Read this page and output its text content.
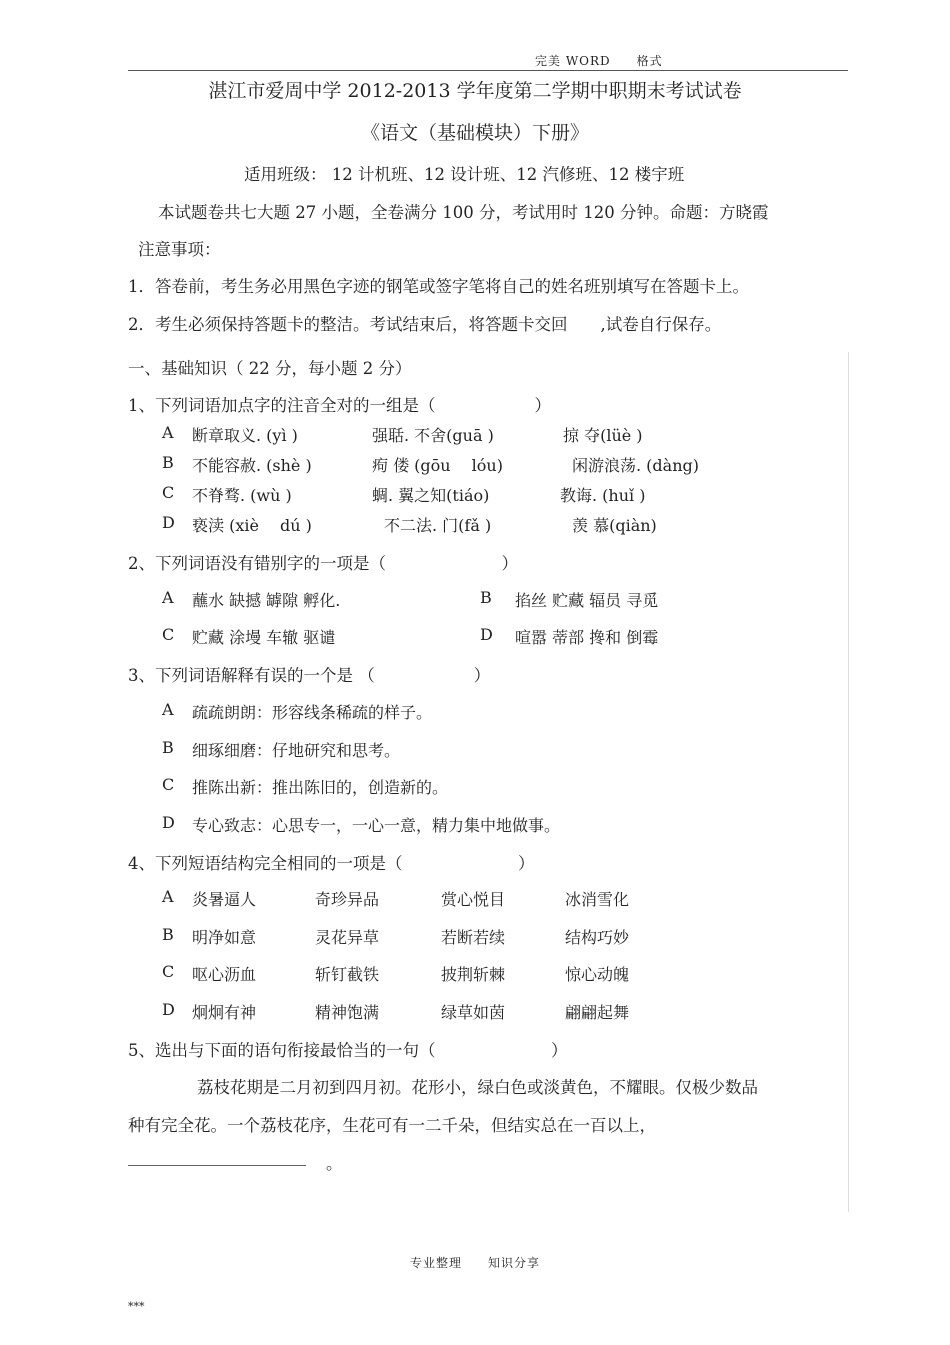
完美 WORD　　格式
湛江市爱周中学 2012-2013 学年度第二学期中职期末考试试卷
《语文（基础模块）下册》
适用班级： 12 计机班、12 设计班、12 汽修班、12 楼宇班
本试题卷共七大题 27 小题，全卷满分 100 分，考试用时 120 分钟。命题：方晓霞
注意事项：
1．答卷前，考生务必用黑色字迹的钢笔或签字笔将自己的姓名班别填写在答题卡上。
2．考生必须保持答题卡的整洁。考试结束后，将答题卡交回　　,试卷自行保存。
一、基础知识（ 22 分，每小题 2 分）
1、下列词语加点字的注音全对的一组是（　　　　　　）
A 断章取义. (yì )	强聒. 不舍(guā )	掠 夺(lüè )
B 不能容赦. (shè )	痀 偻 (gōu　 lóu)	闲游浪荡. (dàng)
C 不脊骛. (wù )	蜩. 翼之知(tiáo)	教诲. (huǐ )
D 亵渎 (xiè　 dú )	不二法. 门(fǎ )	羡 慕(qiàn)
2、下列词语没有错别字的一项是（　　　　　　　）
A 蘸水 缺撼 罅隙 孵化.	B 掐丝 贮藏 辐员 寻觅
C 贮藏 涂墁 车辙 驱谴	D 喧嚣 蒂部 搀和 倒霉
3、下列词语解释有误的一个是 （　　　　　　）
A 疏疏朗朗：形容线条稀疏的样子。
B 细琢细磨：仔地研究和思考。
C 推陈出新：推出陈旧的，创造新的。
D 专心致志：心思专一，一心一意，精力集中地做事。
4、下列短语结构完全相同的一项是（　　　　　　　）
A 炎暑逼人	奇珍异品	赏心悦目	冰消雪化
B 明净如意	灵花异草	若断若续	结构巧妙
C 呕心沥血	斩钉截铁	披荆斩棘	惊心动魄
D 炯炯有神	精神饱满	绿草如茵	翩翩起舞
5、选出与下面的语句衔接最恰当的一句（　　　　　　　）
荔枝花期是二月初到四月初。花形小，绿白色或淡黄色，不耀眼。仅极少数品
种有完全花。一个荔枝花序，生花可有一二千朵，但结实总在一百以上，
。
专业整理　　知识分享
***
